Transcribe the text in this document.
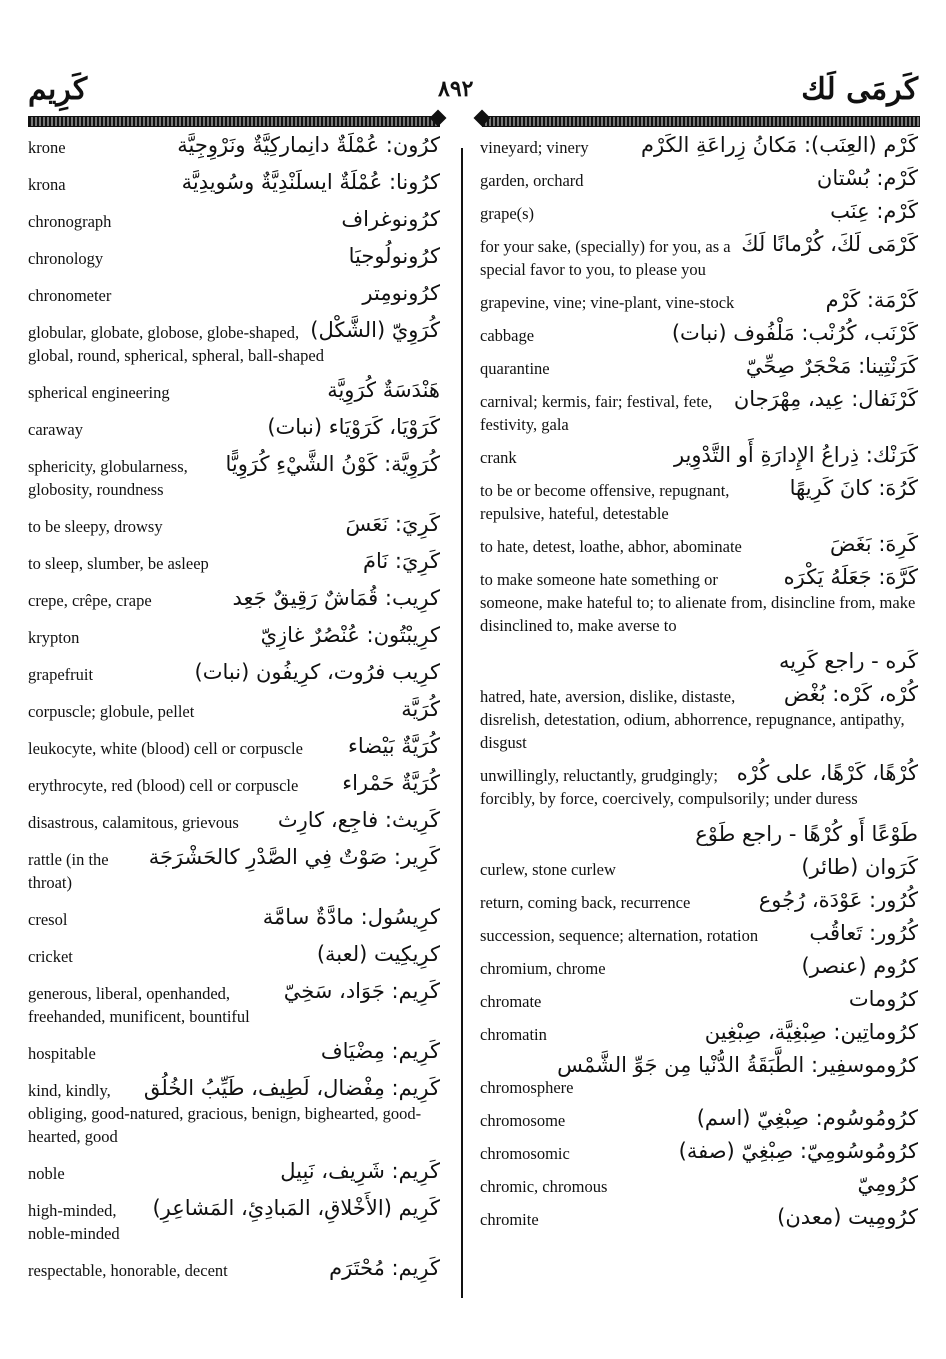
كَرِيم	٨٩٢	كَرمَى لَك
كرُون: عُمْلَةٌ دانِماركِيَّةٌ ونَرْوِجِيَّة
krone
كرُونا: عُمْلَةٌ ايسلَنْدِيَّةٌ وسُويدِيَّة
krona
كرُونوغراف
chronograph
كرُونولُوجيَا
chronology
كرُونومِتر
chronometer
كُرَوِيّ (الشَّكْل)
globular, globate, globose, globe-shaped, global, round, spherical, spheral, ball-shaped
هَنْدَسَةٌ كُرَوِيَّة
spherical engineering
كَرَوْيَا، كَرَوْيَاء (نبات)
caraway
كُرَوِيَّة: كَوْنُ الشَّيْءِ كُرَوِيًّا
sphericity, globularness, globosity, roundness
كَرِيَ: نَعَسَ
to be sleepy, drowsy
كَرِيَ: نَامَ
to sleep, slumber, be asleep
كرِيب: قُمَاشٌ رَقِيقٌ جَعِد
crepe, crêpe, crape
كرِيبْتُون: عُنْصُرٌ غازِيّ
krypton
كرِيب فرُوت، كرِيفُون (نبات)
grapefruit
كُرَيَّة
corpuscle; globule, pellet
كُرَيَّةٌ بَيْضاء
leukocyte, white (blood) cell or corpuscle
كُرَيَّةٌ حَمْراء
erythrocyte, red (blood) cell or corpuscle
كَرِيث: فاجِع، كارِث
disastrous, calamitous, grievous
كَرِير: صَوْتٌ فِي الصَّدْرِ كالحَشْرَجَة
rattle (in the throat)
كرِيسُول: مادَّةٌ سامَّة
cresol
كرِيكِيت (لعبة)
cricket
كَرِيم: جَوَاد، سَخِيّ
generous, liberal, openhanded, freehanded, munificent, bountiful
كَرِيم: مِضْيَاف
hospitable
كَرِيم: مِفْضال، لَطِيف، طَيِّبُ الخُلُق
kind, kindly, obliging, good-natured, gracious, benign, bighearted, good-hearted, good
كَرِيم: شَرِيف، نَبِيل
noble
كَرِيم (الأَخْلاقِ، المَبادِئِ، المَشاعِرِ)
high-minded, noble-minded
كَرِيم: مُحْتَرَم
respectable, honorable, decent
كَرْم (العِنَب): مَكانُ زِراعَةِ الكَرْم
vineyard; vinery
كَرْم: بُسْتان
garden, orchard
كَرْم: عِنَب
grape(s)
كَرْمَى لَكَ، كُرْمانًا لَكَ
for your sake, (specially) for you, as a special favor to you, to please you
كَرْمَة: كَرْم
grapevine, vine; vine-plant, vine-stock
كَرْنَب، كُرُنْب: مَلْفُوف (نبات)
cabbage
كَرَنْتِينا: مَحْجَرٌ صِحِّيّ
quarantine
كَرْنَفال: عِيد، مِهْرَجان
carnival; kermis, fair; festival, fete, festivity, gala
كَرَنْك: ذِراعُ الإِدارَةِ أَو التَّدْوِير
crank
كَرُهَ: كانَ كَرِيهًا
to be or become offensive, repugnant, repulsive, hateful, detestable
كَرِهَ: بَغَضَ
to hate, detest, loathe, abhor, abominate
كَرَّهَ: جَعَلَهُ يَكْرَه
to make someone hate something or someone, make hateful to; to alienate from, disincline from, make disinclined to, make averse to
كَره - راجع كَرِيه
كُرْه، كَرْه: بُغْض
hatred, hate, aversion, dislike, distaste, disrelish, detestation, odium, abhorrence, repugnance, antipathy, disgust
كُرْهًا، كَرْهًا، على كُرْه
unwillingly, reluctantly, grudgingly; forcibly, by force, coercively, compulsorily; under duress
طَوْعًا أَو كُرْهًا - راجع طَوْع
كَرَوان (طائر)
curlew, stone curlew
كُرُور: عَوْدَة، رُجُوع
return, coming back, recurrence
كُرُور: تَعاقُب
succession, sequence; alternation, rotation
كرُوم (عنصر)
chromium, chrome
كرُومات
chromate
كرُوماتِين: صِبْغِيَّة، صِبْغِين
chromatin
كرُوموسفِير: الطَّبَقَةُ الدُّنْيا مِن جَوِّ الشَّمْس
chromosphere
كرُومُوسُوم: صِبْغِيّ (اسم)
chromosome
كرُومُوسُومِيّ: صِبْغِيّ (صفة)
chromosomic
كرُومِيّ
chromic, chromous
كرُومِيت (معدن)
chromite
